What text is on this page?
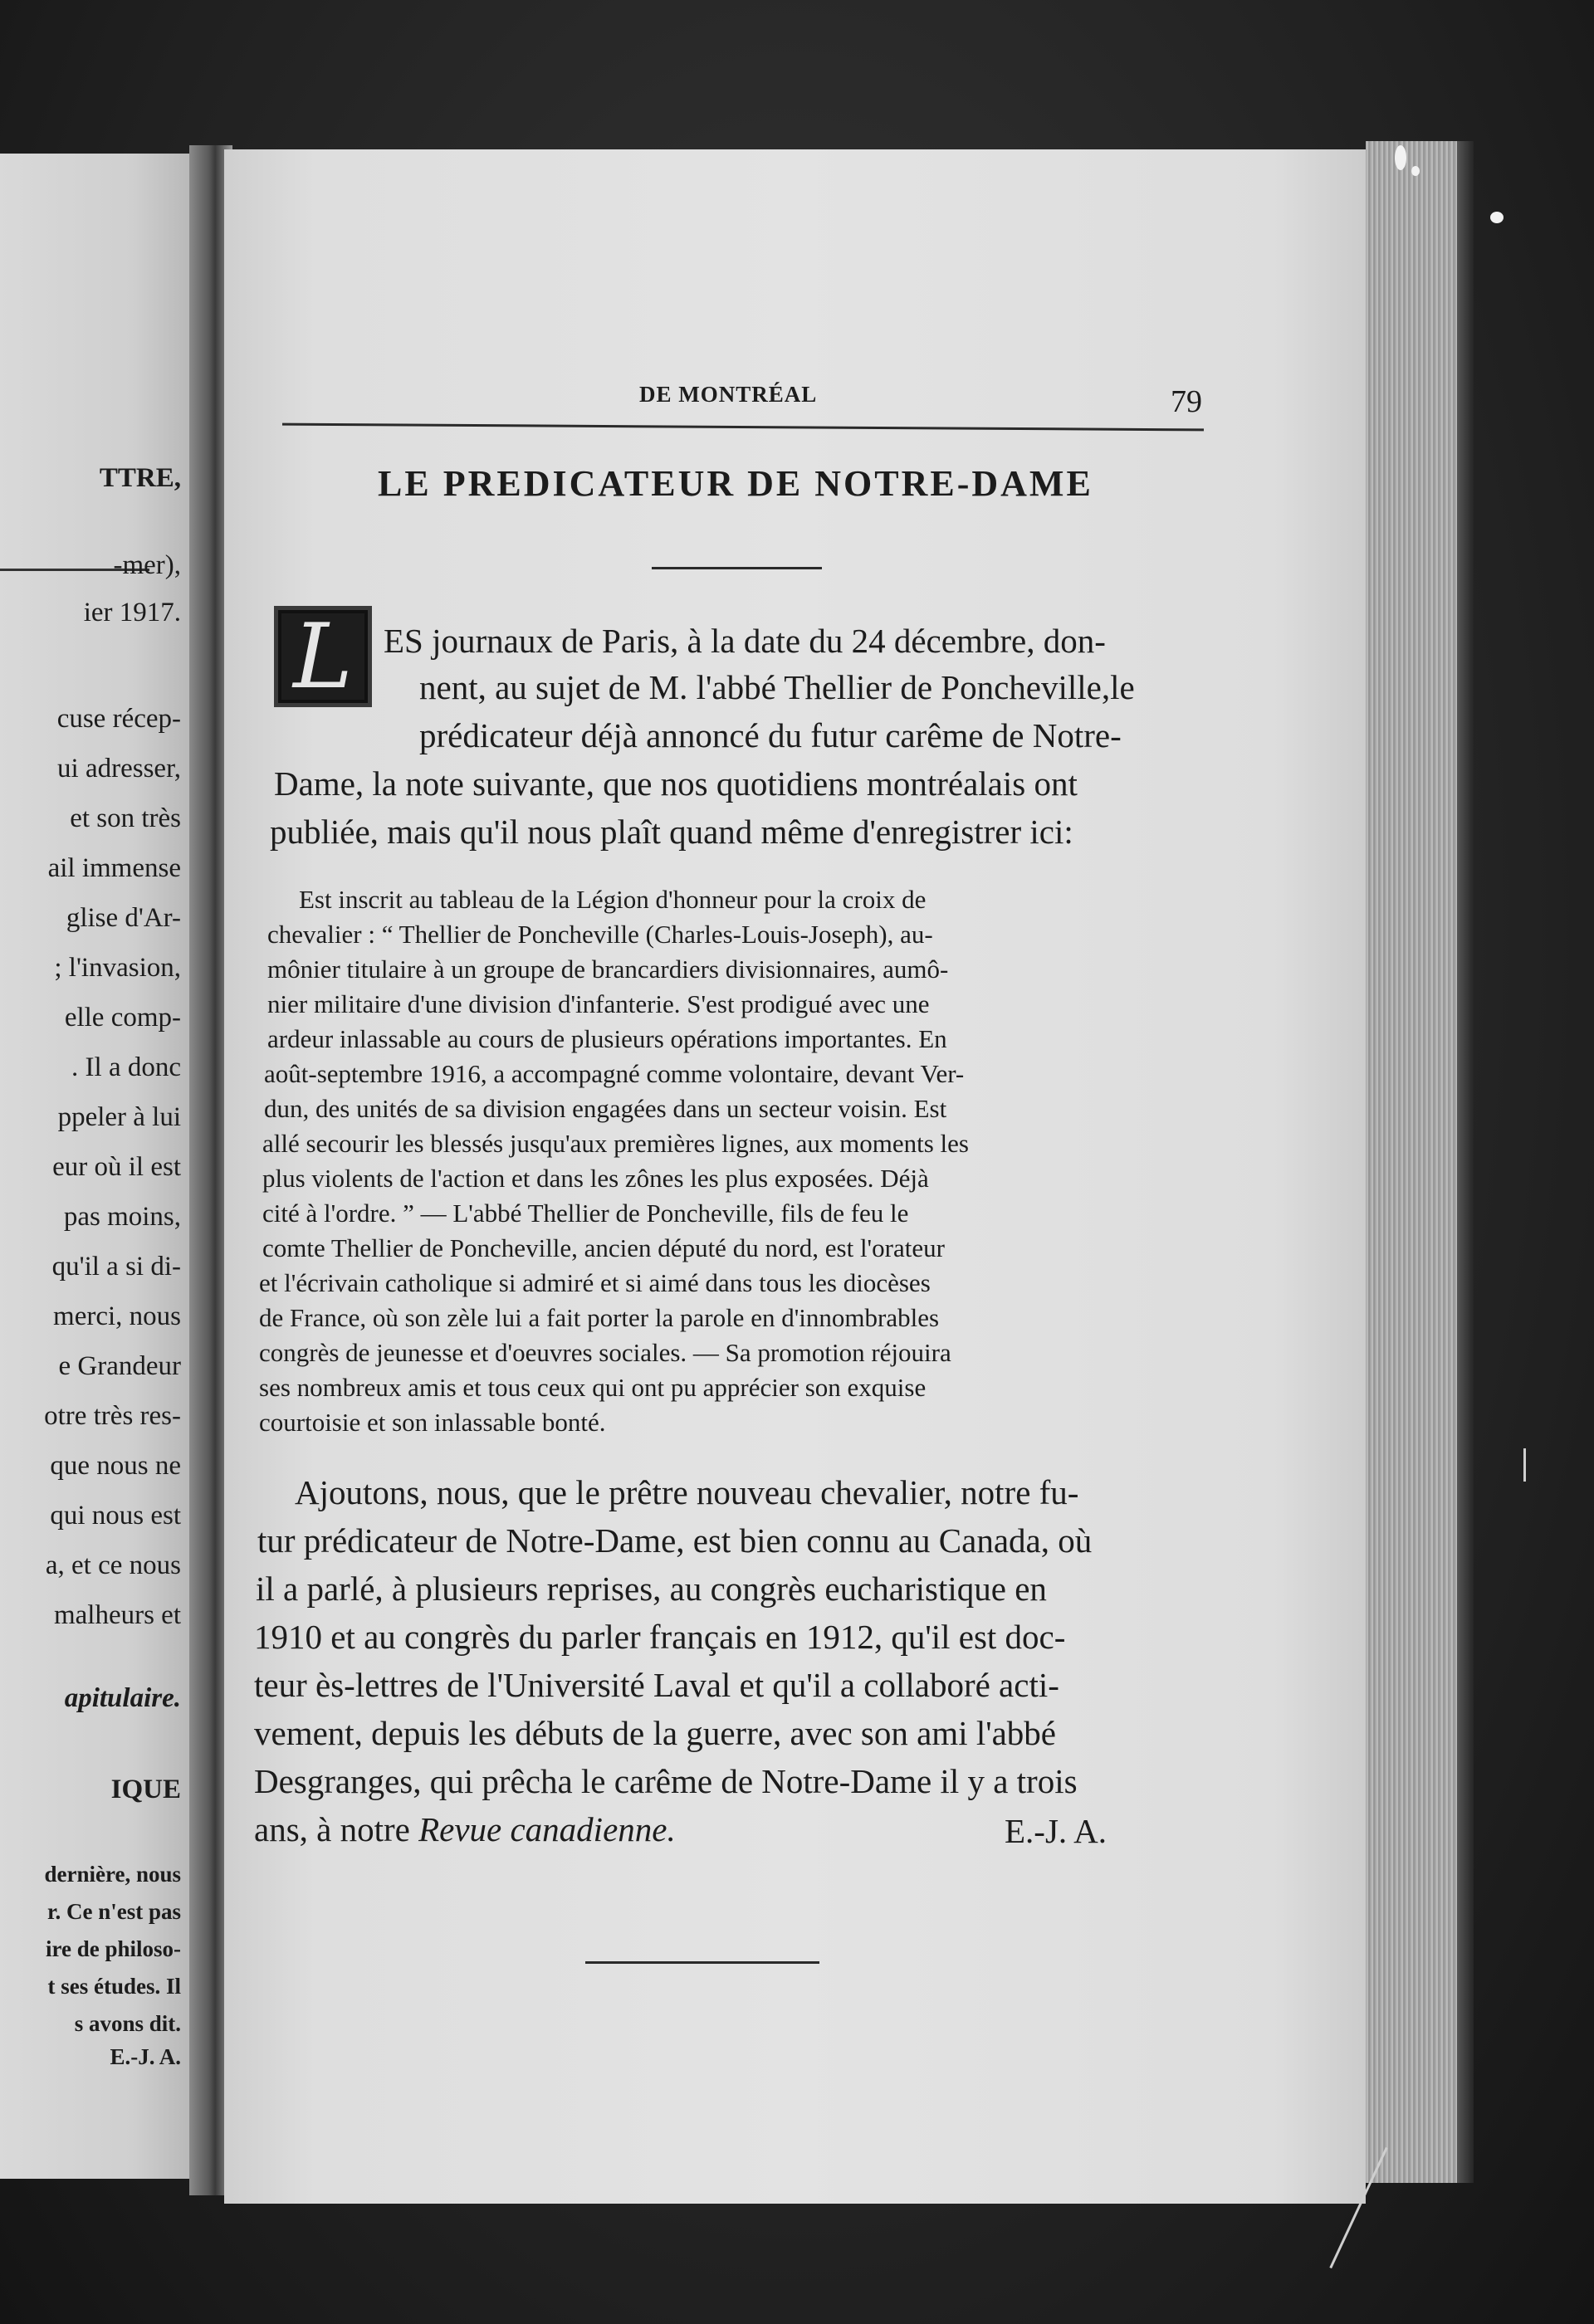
TTRE,
-mer),
ier 1917.
cuse récep-
ui adresser,
et son très
ail immense
glise d'Ar-
; l'invasion,
elle comp-
. Il a donc
ppeler à lui
eur où il est
pas moins,
qu'il a si di-
merci, nous
e Grandeur
otre très res-
que nous ne
qui nous est
a, et ce nous
malheurs et
apitulaire.
IQUE
dernière, nous
r. Ce n'est pas
ire de philoso-
t ses études. Il
s avons dit.
E.-J. A.
DE MONTRÉAL	79
LE PREDICATEUR DE NOTRE-DAME
L ES journaux de Paris, à la date du 24 décembre, don-
nent, au sujet de M. l'abbé Thellier de Poncheville,le
prédicateur déjà annoncé du futur carême de Notre-
Dame, la note suivante, que nos quotidiens montréalais ont
publiée, mais qu'il nous plaît quand même d'enregistrer ici:
Est inscrit au tableau de la Légion d'honneur pour la croix de
chevalier : “ Thellier de Poncheville (Charles-Louis-Joseph), au-
mônier titulaire à un groupe de brancardiers divisionnaires, aumô-
nier militaire d'une division d'infanterie. S'est prodigué avec une
ardeur inlassable au cours de plusieurs opérations importantes. En
août-septembre 1916, a accompagné comme volontaire, devant Ver-
dun, des unités de sa division engagées dans un secteur voisin. Est
allé secourir les blessés jusqu'aux premières lignes, aux moments les
plus violents de l'action et dans les zônes les plus exposées. Déjà
cité à l'ordre. ” — L'abbé Thellier de Poncheville, fils de feu le
comte Thellier de Poncheville, ancien député du nord, est l'orateur
et l'écrivain catholique si admiré et si aimé dans tous les diocèses
de France, où son zèle lui a fait porter la parole en d'innombrables
congrès de jeunesse et d'oeuvres sociales. — Sa promotion réjouira
ses nombreux amis et tous ceux qui ont pu apprécier son exquise
courtoisie et son inlassable bonté.
Ajoutons, nous, que le prêtre nouveau chevalier, notre fu-
tur prédicateur de Notre-Dame, est bien connu au Canada, où
il a parlé, à plusieurs reprises, au congrès eucharistique en
1910 et au congrès du parler français en 1912, qu'il est doc-
teur ès-lettres de l'Université Laval et qu'il a collaboré acti-
vement, depuis les débuts de la guerre, avec son ami l'abbé
Desgranges, qui prêcha le carême de Notre-Dame il y a trois
ans, à notre Revue canadienne.	E.-J. A.
